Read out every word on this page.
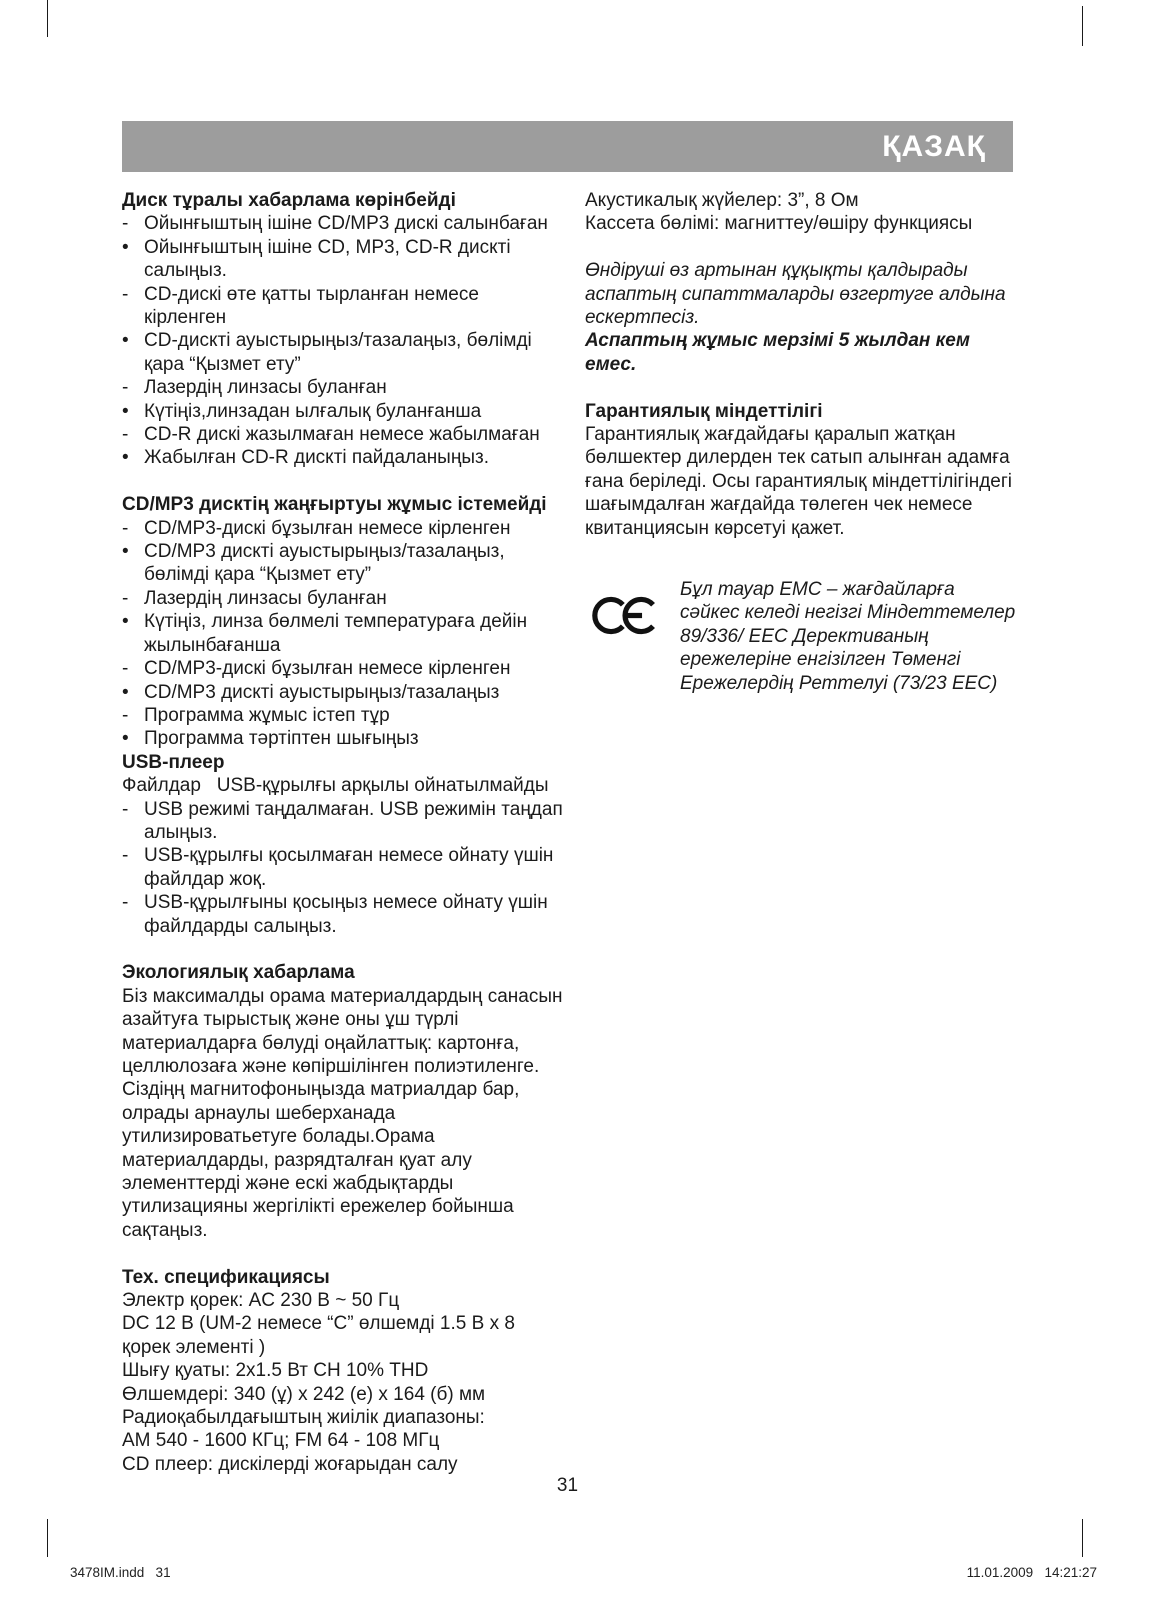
ҚАЗАҚ

Диск тұралы хабарлама көрінбейді

- Ойынғыштың ішіне CD/MP3 дискі салынбаған
• Ойынғыштың ішіне CD, MP3, CD-R дискті салыңыз.
- CD-дискі өте қатты тырланған немесе кірленген
• CD-дискті ауыстырыңыз/тазалаңыз, бөлімді қара “Қызмет ету”
- Лазердің линзасы буланған
• Күтіңіз,линзадан ылғалық буланғанша
- CD-R дискі жазылмаған немесе жабылмаған
• Жабылған CD-R дискті пайдаланыңыз.

CD/MP3 дисктің жаңғыртуы жұмыс істемейді

- CD/MP3-дискі бұзылған немесе кірленген
• CD/MP3 дискті ауыстырыңыз/тазалаңыз, бөлімді қара “Қызмет ету”
- Лазердің линзасы буланған
• Күтіңіз, линза бөлмелі температураға дейін жылынбағанша
- CD/MP3-дискі бұзылған немесе кірленген
• CD/MP3 дискті ауыстырыңыз/тазалаңыз
- Программа жұмыс істеп тұр
• Программа тәртіптен шығыңыз

USB-плеер

Файлдар   USB-құрылғы арқылы ойнатылмайды

- USB режимі таңдалмаған. USB режимін таңдап алыңыз.
- USB-құрылғы қосылмаған немесе ойнату үшін файлдар жоқ.
- USB-құрылғыны қосыңыз немесе ойнату үшін файлдарды салыңыз.

Экологиялық хабарлама

Біз максималды орама материалдардың санасын азайтуға тырыстық және оны ұш түрлі материалдарға бөлуді оңайлаттық: картонға, целлюлозаға және көпіршілінген полиэтиленге. Сіздіңң магнитофоныңызда матриалдар бар, олрады арнаулы шеберханада утилизироватьетуге болады.Орама материалдарды, разрядталған қуат алу элементтерді және ескі жабдықтарды утилизацияны жергілікті ережелер бойынша сақтаңыз.

Тех. спецификациясы

Электр қорек: AC 230 В ~ 50 Гц

DC 12 В (UM-2 немесе “С” өлшемді 1.5 В х 8 қорек элементі )

Шығу қуаты: 2х1.5 Вт СН 10% THD

Өлшемдері: 340 (ұ) х 242 (е) х 164 (б) мм

Радиоқабылдағыштың жиілік диапазоны:

AM 540 - 1600 КГц; FM 64 - 108 МГц

CD плеер: дискілерді жоғарыдан салу

Акустикалық жүйелер: 3”, 8 Ом

Кассета бөлімі: магниттеу/өшіру функциясы

Өндіруші өз артынан құқықты қалдырады аспаптың сипаттмаларды өзгертуге алдына ескертпесіз.

Аспаптың жұмыс мерзімі 5 жылдан кем емес.

Гарантиялық міндеттілігі

Гарантиялық жағдайдағы қаралып жатқан бөлшектер дилерден тек сатып алынған адамға ғана беріледі. Осы гарантиялық міндеттілігіндегі шағымдалған жағдайда төлеген чек немесе квитанциясын көрсетуі қажет.

Бұл тауар ЕМС – жағдайларға сәйкес келеді негізгі Міндеттемелер 89/336/ ЕЕС Дерективаның ережелеріне енгізілген Төменгі Ережелердің Реттелуі (73/23 ЕЕС)

31
3478IM.indd   31	11.01.2009   14:21:27
